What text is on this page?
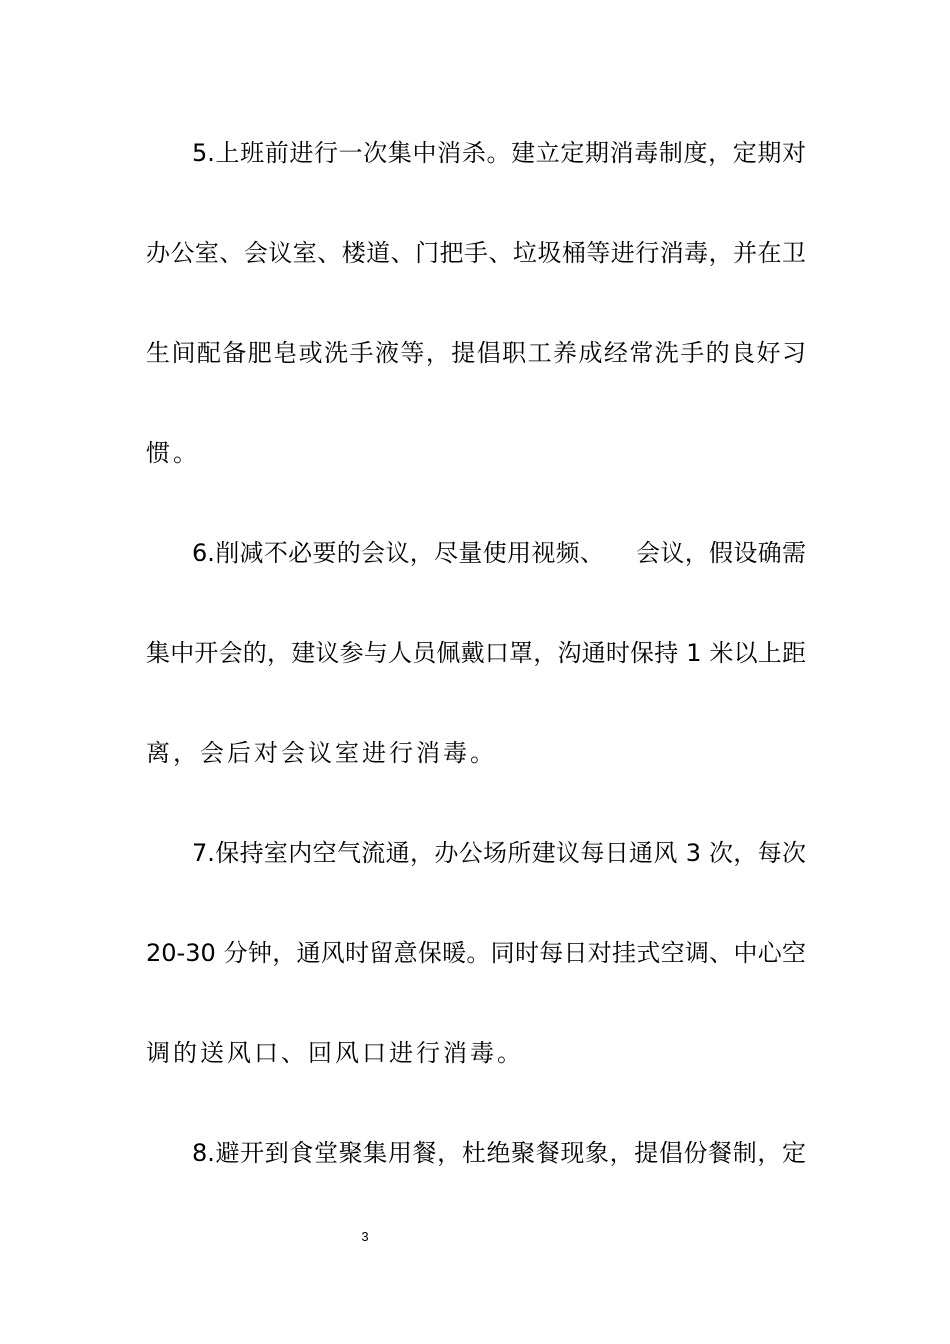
5.上班前进行一次集中消杀。建立定期消毒制度，定期对
办公室、会议室、楼道、门把手、垃圾桶等进行消毒，并在卫
生间配备肥皂或洗手液等，提倡职工养成经常洗手的良好习
惯。
6.削减不必要的会议，尽量使用视频、    会议，假设确需
集中开会的，建议参与人员佩戴口罩，沟通时保持 1 米以上距
离，会后对会议室进行消毒。
7.保持室内空气流通，办公场所建议每日通风 3 次，每次
20-30 分钟，通风时留意保暖。同时每日对挂式空调、中心空
调的送风口、回风口进行消毒。
8.避开到食堂聚集用餐，杜绝聚餐现象，提倡份餐制，定
3
